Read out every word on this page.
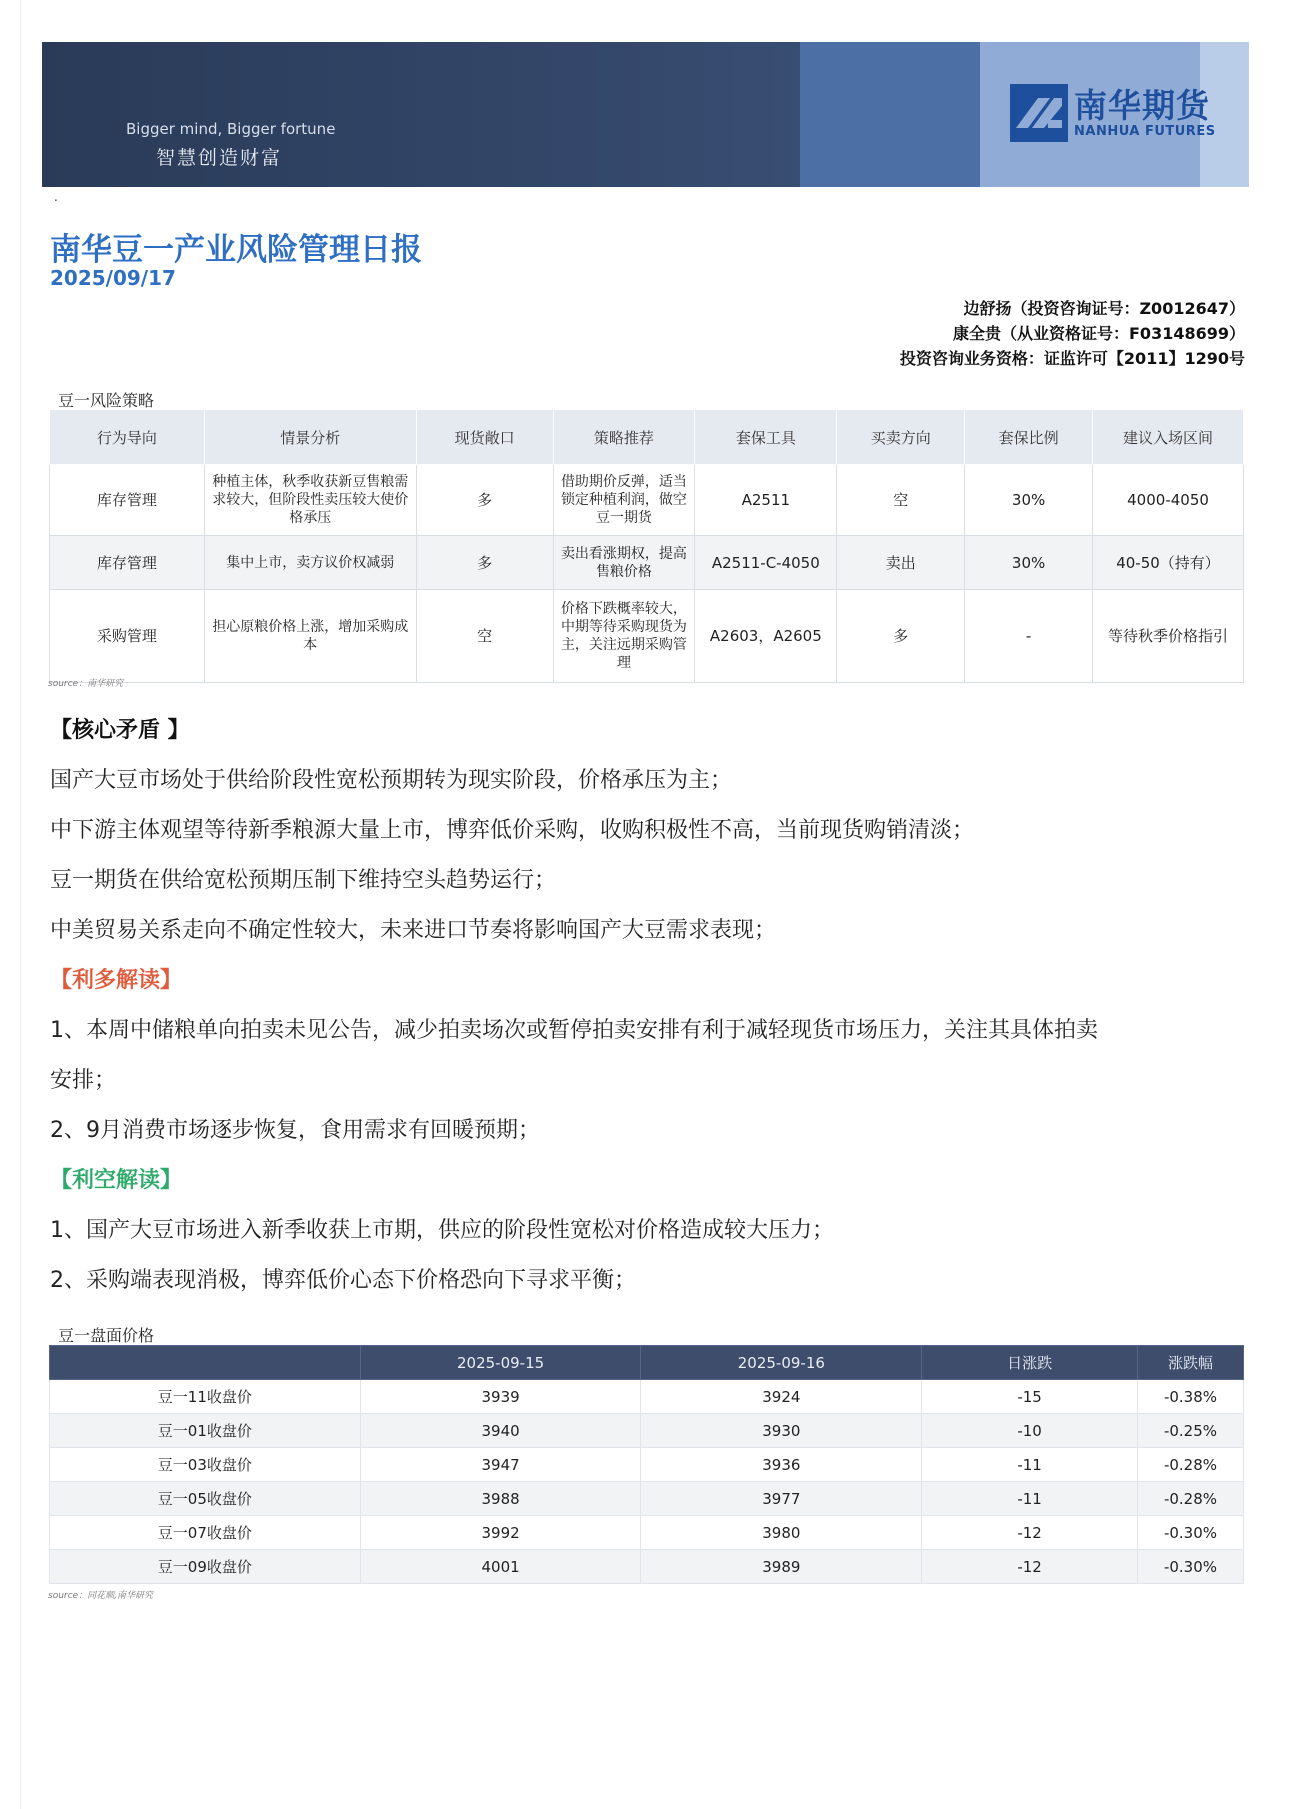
Bigger mind, Bigger fortune
智慧创造财富
南华期货
NANHUA FUTURES
.
南华豆一产业风险管理日报
2025/09/17
边舒扬（投资咨询证号：Z0012647）
康全贵（从业资格证号：F03148699）
投资咨询业务资格：证监许可【2011】1290号
豆一风险策略
行为导向	情景分析	现货敞口	策略推荐	套保工具	买卖方向	套保比例	建议入场区间
库存管理	种植主体，秋季收获新豆售粮需求较大，但阶段性卖压较大使价格承压	多	借助期价反弹，适当锁定种植利润，做空豆一期货	A2511	空	30%	4000-4050
库存管理	集中上市，卖方议价权减弱	多	卖出看涨期权，提高售粮价格	A2511-C-4050	卖出	30%	40-50（持有）
采购管理	担心原粮价格上涨，增加采购成本	空	价格下跌概率较大，中期等待采购现货为主，关注远期采购管理	A2603，A2605	多	-	等待秋季价格指引
source：南华研究
【核心矛盾 】
国产大豆市场处于供给阶段性宽松预期转为现实阶段，价格承压为主；
中下游主体观望等待新季粮源大量上市，博弈低价采购，收购积极性不高，当前现货购销清淡；
豆一期货在供给宽松预期压制下维持空头趋势运行；
中美贸易关系走向不确定性较大，未来进口节奏将影响国产大豆需求表现；
【利多解读】
1、本周中储粮单向拍卖未见公告，减少拍卖场次或暂停拍卖安排有利于减轻现货市场压力，关注其具体拍卖
安排；
2、9月消费市场逐步恢复，食用需求有回暖预期；
【利空解读】
1、国产大豆市场进入新季收获上市期，供应的阶段性宽松对价格造成较大压力；
2、采购端表现消极，博弈低价心态下价格恐向下寻求平衡；
豆一盘面价格
	2025-09-15	2025-09-16	日涨跌	涨跌幅
豆一11收盘价	3939	3924	-15	-0.38%
豆一01收盘价	3940	3930	-10	-0.25%
豆一03收盘价	3947	3936	-11	-0.28%
豆一05收盘价	3988	3977	-11	-0.28%
豆一07收盘价	3992	3980	-12	-0.30%
豆一09收盘价	4001	3989	-12	-0.30%
source：同花顺,南华研究
